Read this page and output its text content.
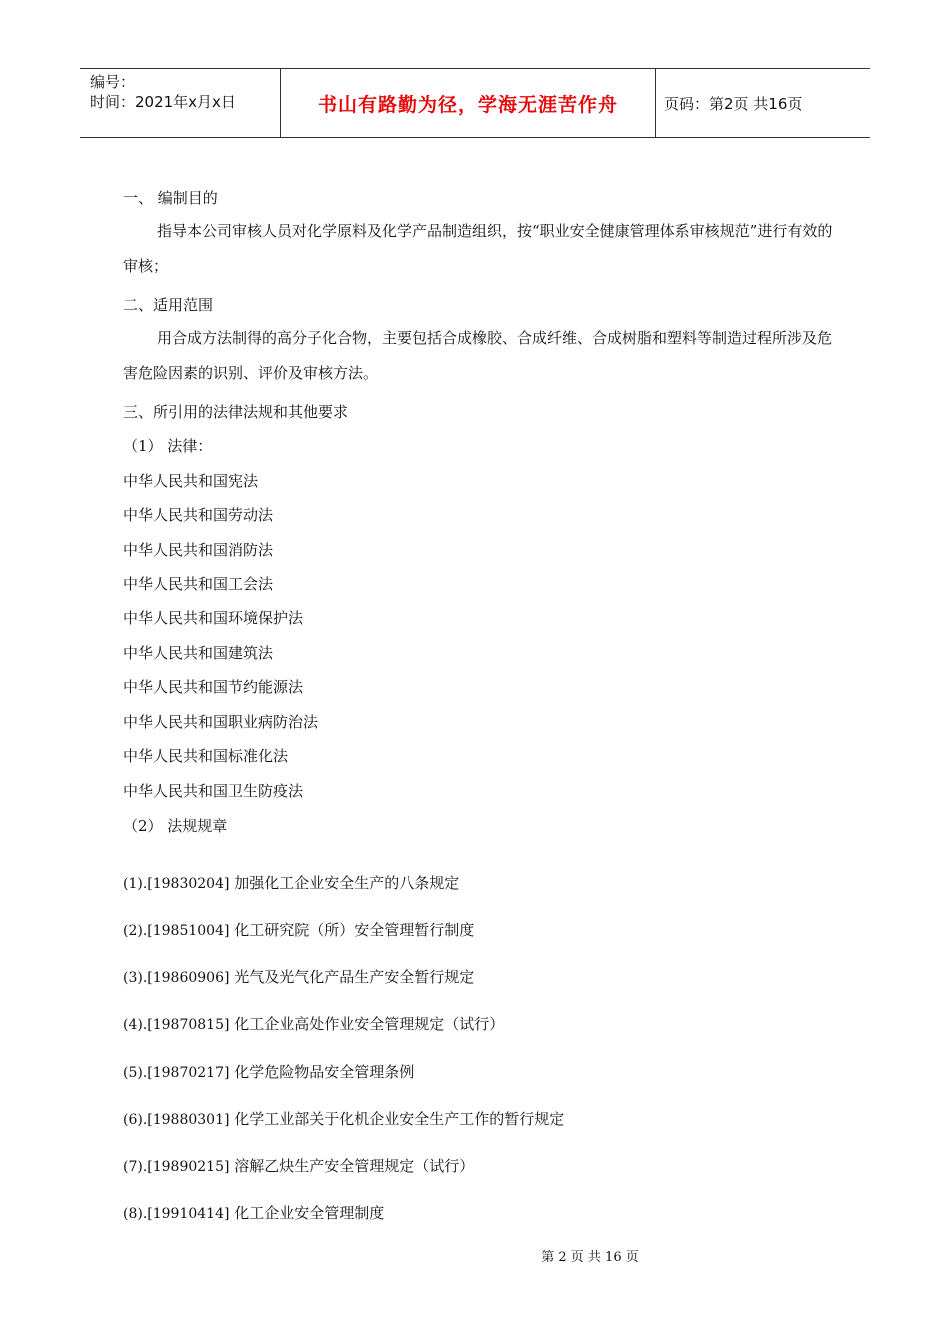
编号：
时间：2021年x月x日	书山有路勤为径，学海无涯苦作舟	页码：第2页 共16页
一、 编制目的
指导本公司审核人员对化学原料及化学产品制造组织，按“职业安全健康管理体系审核规范”进行有效的审核；
二、适用范围
用合成方法制得的高分子化合物，主要包括合成橡胶、合成纤维、合成树脂和塑料等制造过程所涉及危害危险因素的识别、评价及审核方法。
三、所引用的法律法规和其他要求
（1） 法律：
中华人民共和国宪法
中华人民共和国劳动法
中华人民共和国消防法
中华人民共和国工会法
中华人民共和国环境保护法
中华人民共和国建筑法
中华人民共和国节约能源法
中华人民共和国职业病防治法
中华人民共和国标准化法
中华人民共和国卫生防疫法
（2） 法规规章
(1).[19830204] 加强化工企业安全生产的八条规定
(2).[19851004] 化工研究院（所）安全管理暂行制度
(3).[19860906] 光气及光气化产品生产安全暂行规定
(4).[19870815] 化工企业高处作业安全管理规定（试行）
(5).[19870217] 化学危险物品安全管理条例
(6).[19880301] 化学工业部关于化机企业安全生产工作的暂行规定
(7).[19890215] 溶解乙炔生产安全管理规定（试行）
(8).[19910414] 化工企业安全管理制度
第 2 页 共 16 页
